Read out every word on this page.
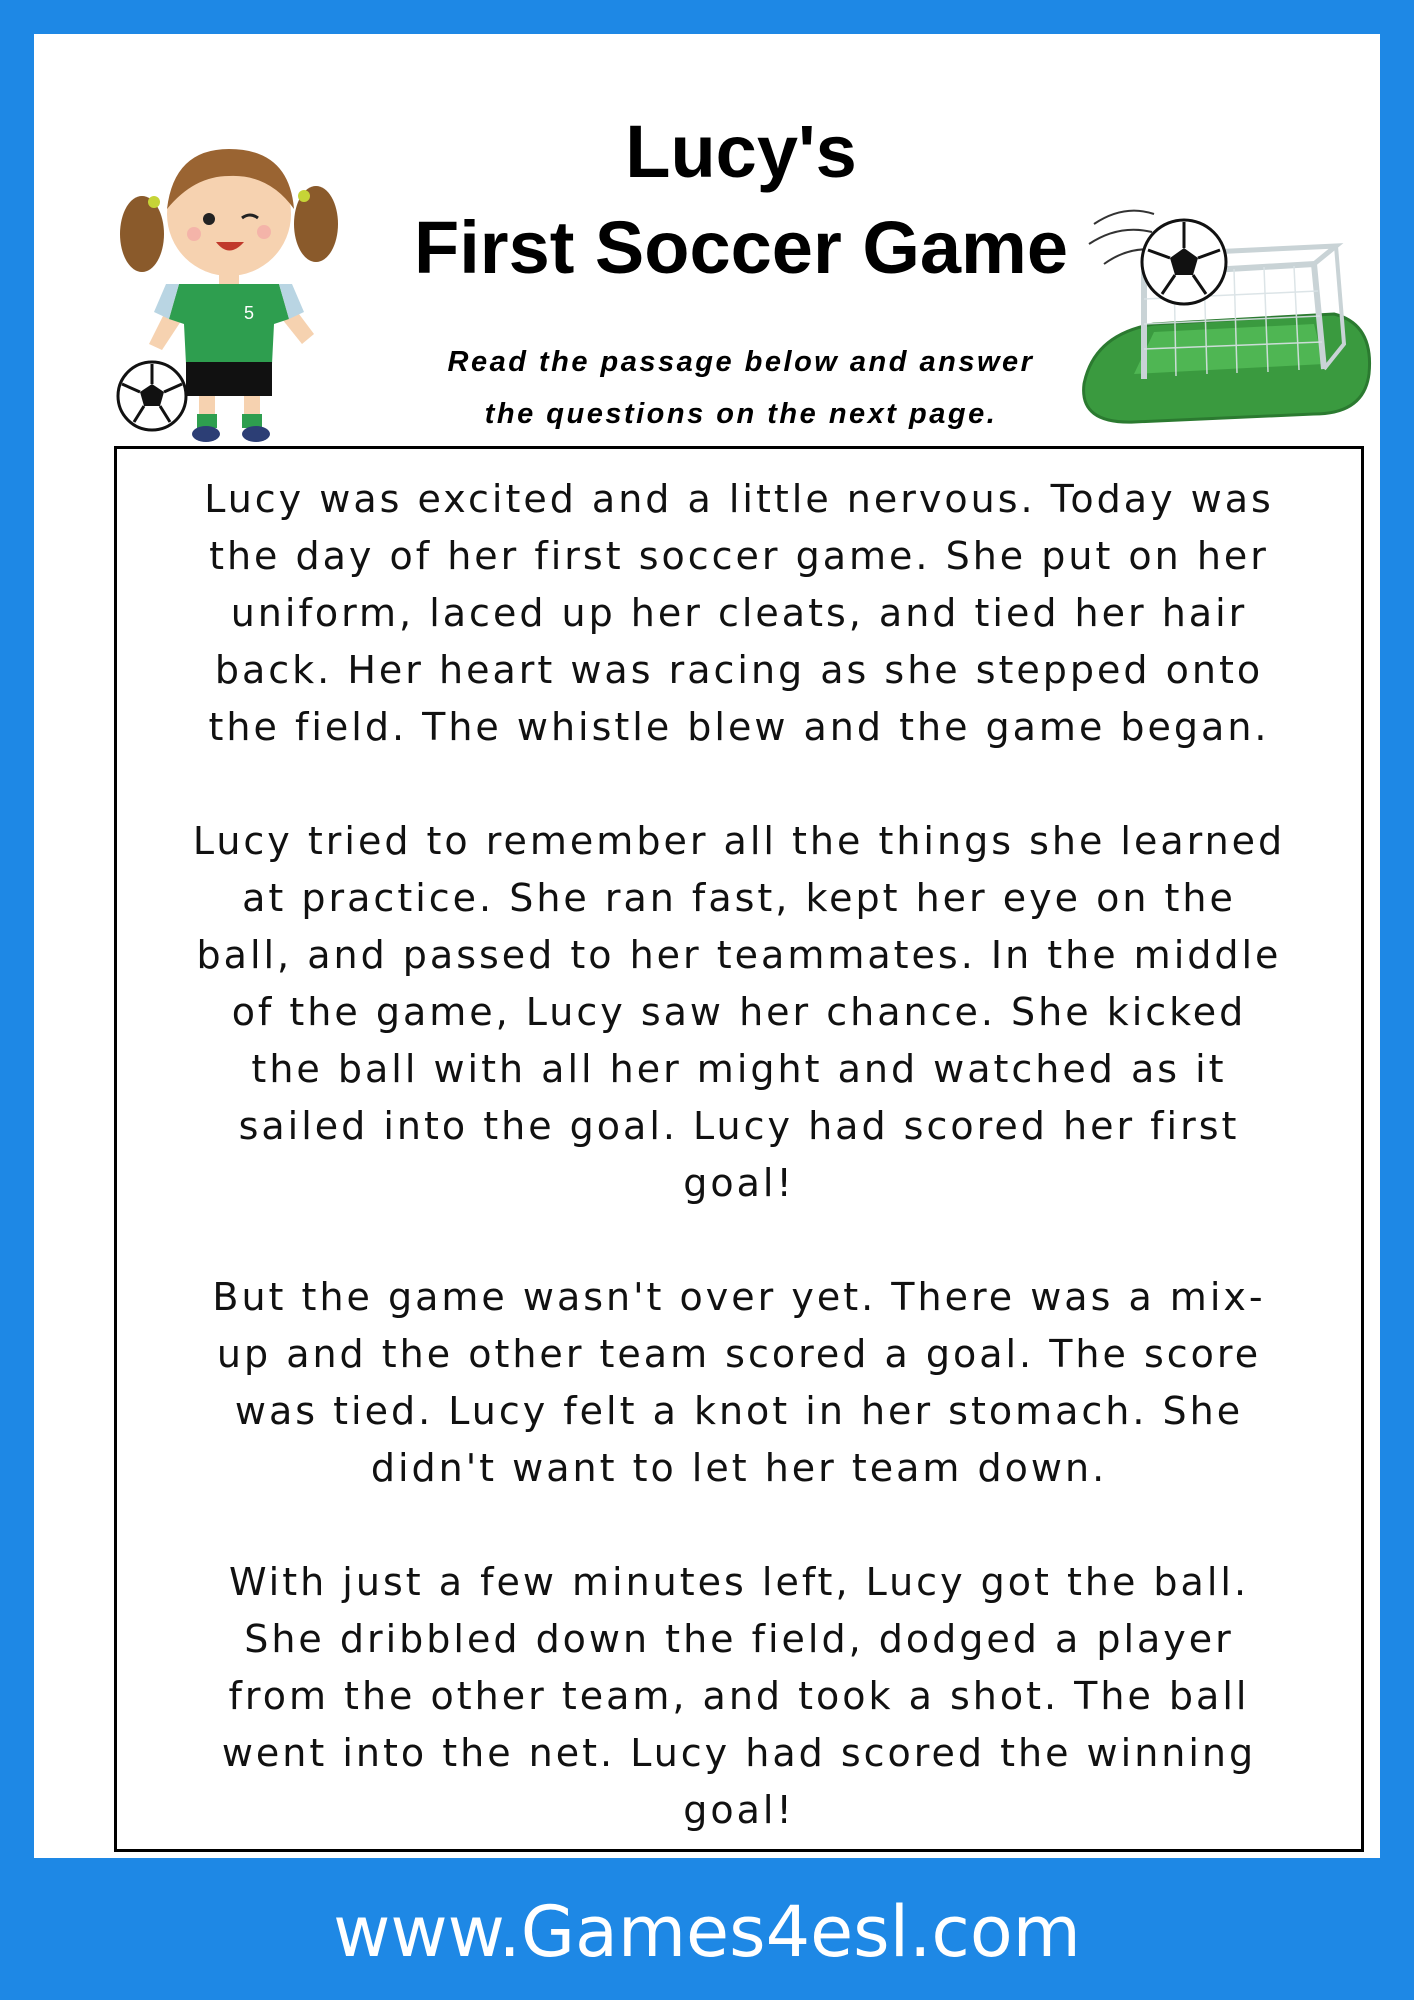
5
Lucy's
First Soccer Game
Read the passage below and answer
the questions on the next page.

Lucy was excited and a little nervous. Today was
the day of her first soccer game. She put on her
uniform, laced up her cleats, and tied her hair
back. Her heart was racing as she stepped onto
the field. The whistle blew and the game began.

Lucy tried to remember all the things she learned
at practice. She ran fast, kept her eye on the
ball, and passed to her teammates. In the middle
of the game, Lucy saw her chance. She kicked
the ball with all her might and watched as it
sailed into the goal. Lucy had scored her first
goal!

But the game wasn't over yet. There was a mix-
up and the other team scored a goal. The score
was tied. Lucy felt a knot in her stomach. She
didn't want to let her team down.

With just a few minutes left, Lucy got the ball.
She dribbled down the field, dodged a player
from the other team, and took a shot. The ball
went into the net. Lucy had scored the winning
goal!

www.Games4esl.com
